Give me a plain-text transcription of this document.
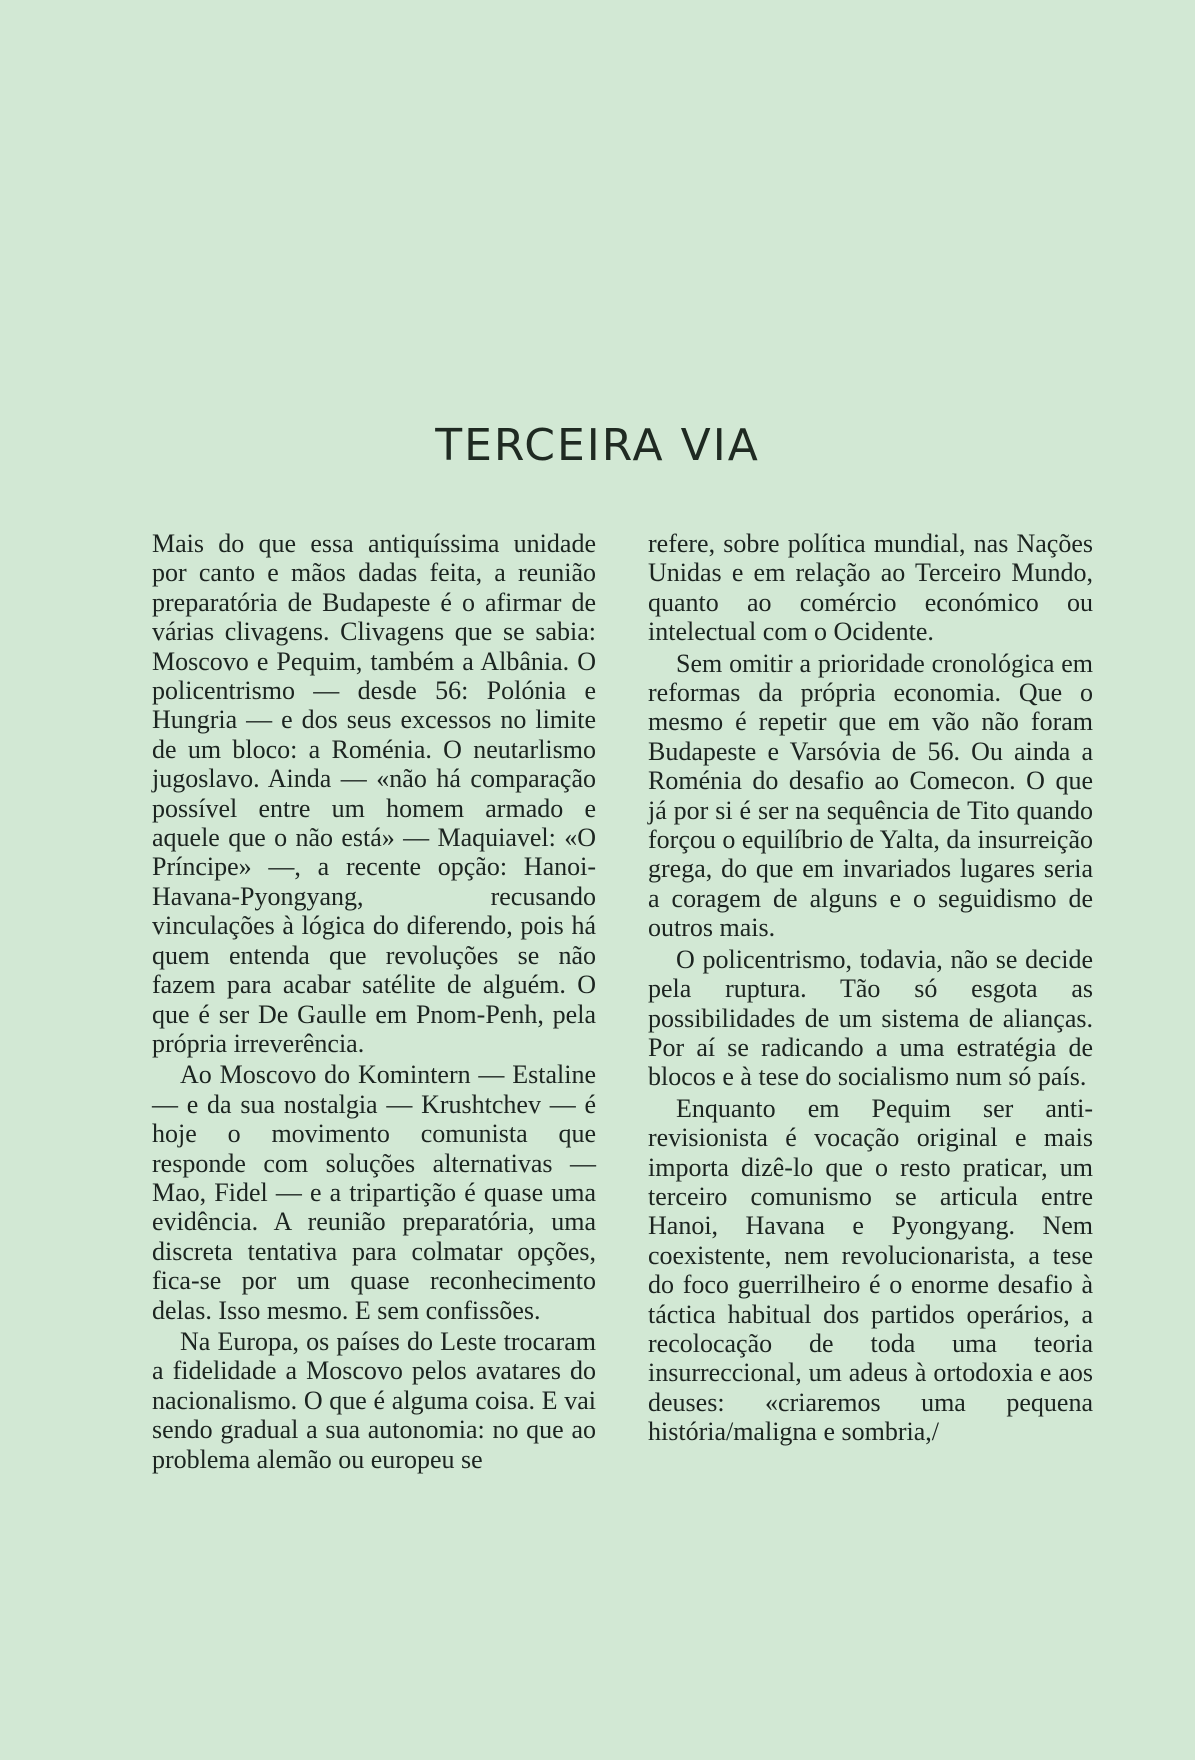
TERCEIRA VIA

Mais do que essa antiquíssima unidade por canto e mãos dadas feita, a reunião preparatória de Budapeste é o afirmar de várias clivagens. Clivagens que se sabia: Moscovo e Pequim, também a Albânia. O policentrismo — desde 56: Polónia e Hungria — e dos seus excessos no limite de um bloco: a Roménia. O neutarlismo jugoslavo. Ainda — «não há comparação possível entre um homem armado e aquele que o não está» — Maquiavel: «O Príncipe» —, a recente opção: Hanoi-Havana-Pyongyang, recusando vinculações à lógica do diferendo, pois há quem entenda que revoluções se não fazem para acabar satélite de alguém. O que é ser De Gaulle em Pnom-Penh, pela própria irreverência.

Ao Moscovo do Komintern — Estaline — e da sua nostalgia — Krushtchev — é hoje o movimento comunista que responde com soluções alternativas — Mao, Fidel — e a tripartição é quase uma evidência. A reunião preparatória, uma discreta tentativa para colmatar opções, fica-se por um quase reconhecimento delas. Isso mesmo. E sem confissões.

Na Europa, os países do Leste trocaram a fidelidade a Moscovo pelos avatares do nacionalismo. O que é alguma coisa. E vai sendo gradual a sua autonomia: no que ao problema alemão ou europeu se

refere, sobre política mundial, nas Nações Unidas e em relação ao Terceiro Mundo, quanto ao comércio económico ou intelectual com o Ocidente.

Sem omitir a prioridade cronológica em reformas da própria economia. Que o mesmo é repetir que em vão não foram Budapeste e Varsóvia de 56. Ou ainda a Roménia do desafio ao Comecon. O que já por si é ser na sequência de Tito quando forçou o equilíbrio de Yalta, da insurreição grega, do que em invariados lugares seria a coragem de alguns e o seguidismo de outros mais.

O policentrismo, todavia, não se decide pela ruptura. Tão só esgota as possibilidades de um sistema de alianças. Por aí se radicando a uma estratégia de blocos e à tese do socialismo num só país.

Enquanto em Pequim ser anti-revisionista é vocação original e mais importa dizê-lo que o resto praticar, um terceiro comunismo se articula entre Hanoi, Havana e Pyongyang. Nem coexistente, nem revolucionarista, a tese do foco guerrilheiro é o enorme desafio à táctica habitual dos partidos operários, a recolocação de toda uma teoria insurreccional, um adeus à ortodoxia e aos deuses: «criaremos uma pequena história/maligna e sombria,/
